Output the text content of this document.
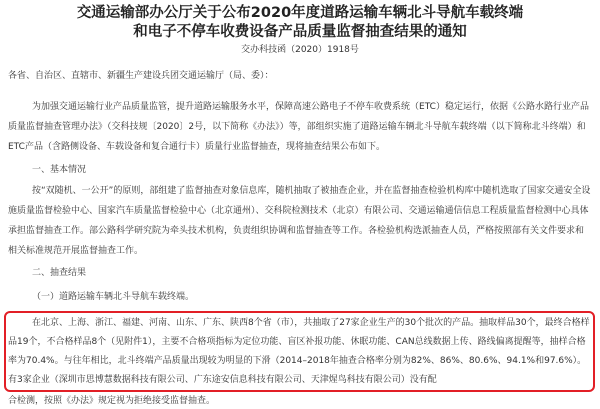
交通运输部办公厅关于公布2020年度道路运输车辆北斗导航车载终端
和电子不停车收费设备产品质量监督抽查结果的通知
交办科技函（2020）1918号

各省、自治区、直辖市、新疆生产建设兵团交通运输厅（局、委）：

为加强交通运输行业产品质量监管，提升道路运输服务水平，保障高速公路电子不停车收费系统（ETC）稳定运行，依据《公路水路行业产品质量监督抽查管理办法》（交科技规〔2020〕2号，以下简称《办法》）等，部组织实施了道路运输车辆北斗导航车载终端（以下简称北斗终端）和ETC产品（含路侧设备、车载设备和复合通行卡）质量行业监督抽查，现将抽查结果公布如下。

一、基本情况

按“双随机、一公开”的原则，部组建了监督抽查对象信息库，随机抽取了被抽查企业，并在监督抽查检验机构库中随机选取了国家交通安全设施质量监督检验中心、国家汽车质量监督检验中心（北京通州）、交科院检测技术（北京）有限公司、交通运输通信信息工程质量监督检测中心具体承担监督抽查工作。部公路科学研究院为牵头技术机构，负责组织协调和监督抽查等工作。各检验机构选派抽查人员，严格按照部有关文件要求和相关标准规范开展监督抽查工作。

二、抽查结果

（一）道路运输车辆北斗导航车载终端。

在北京、上海、浙江、福建、河南、山东、广东、陕西8个省（市），共抽取了27家企业生产的30个批次的产品。抽取样品30个，最终合格样品19个，不合格样品8个（见附件1），主要不合格项指标为定位功能、盲区补报功能、休眠功能、CAN总线数据上传、路线偏离提醒等，抽样合格率为70.4%。与往年相比，北斗终端产品质量出现较为明显的下滑（2014–2018年抽查合格率分别为82%、86%、80.6%、94.1%和97.6%）。有3家企业（深圳市思博慧数据科技有限公司、广东途安信息科技有限公司、天津煋鸟科技有限公司）没有配

合检测，按照《办法》规定视为拒绝接受监督抽查。
